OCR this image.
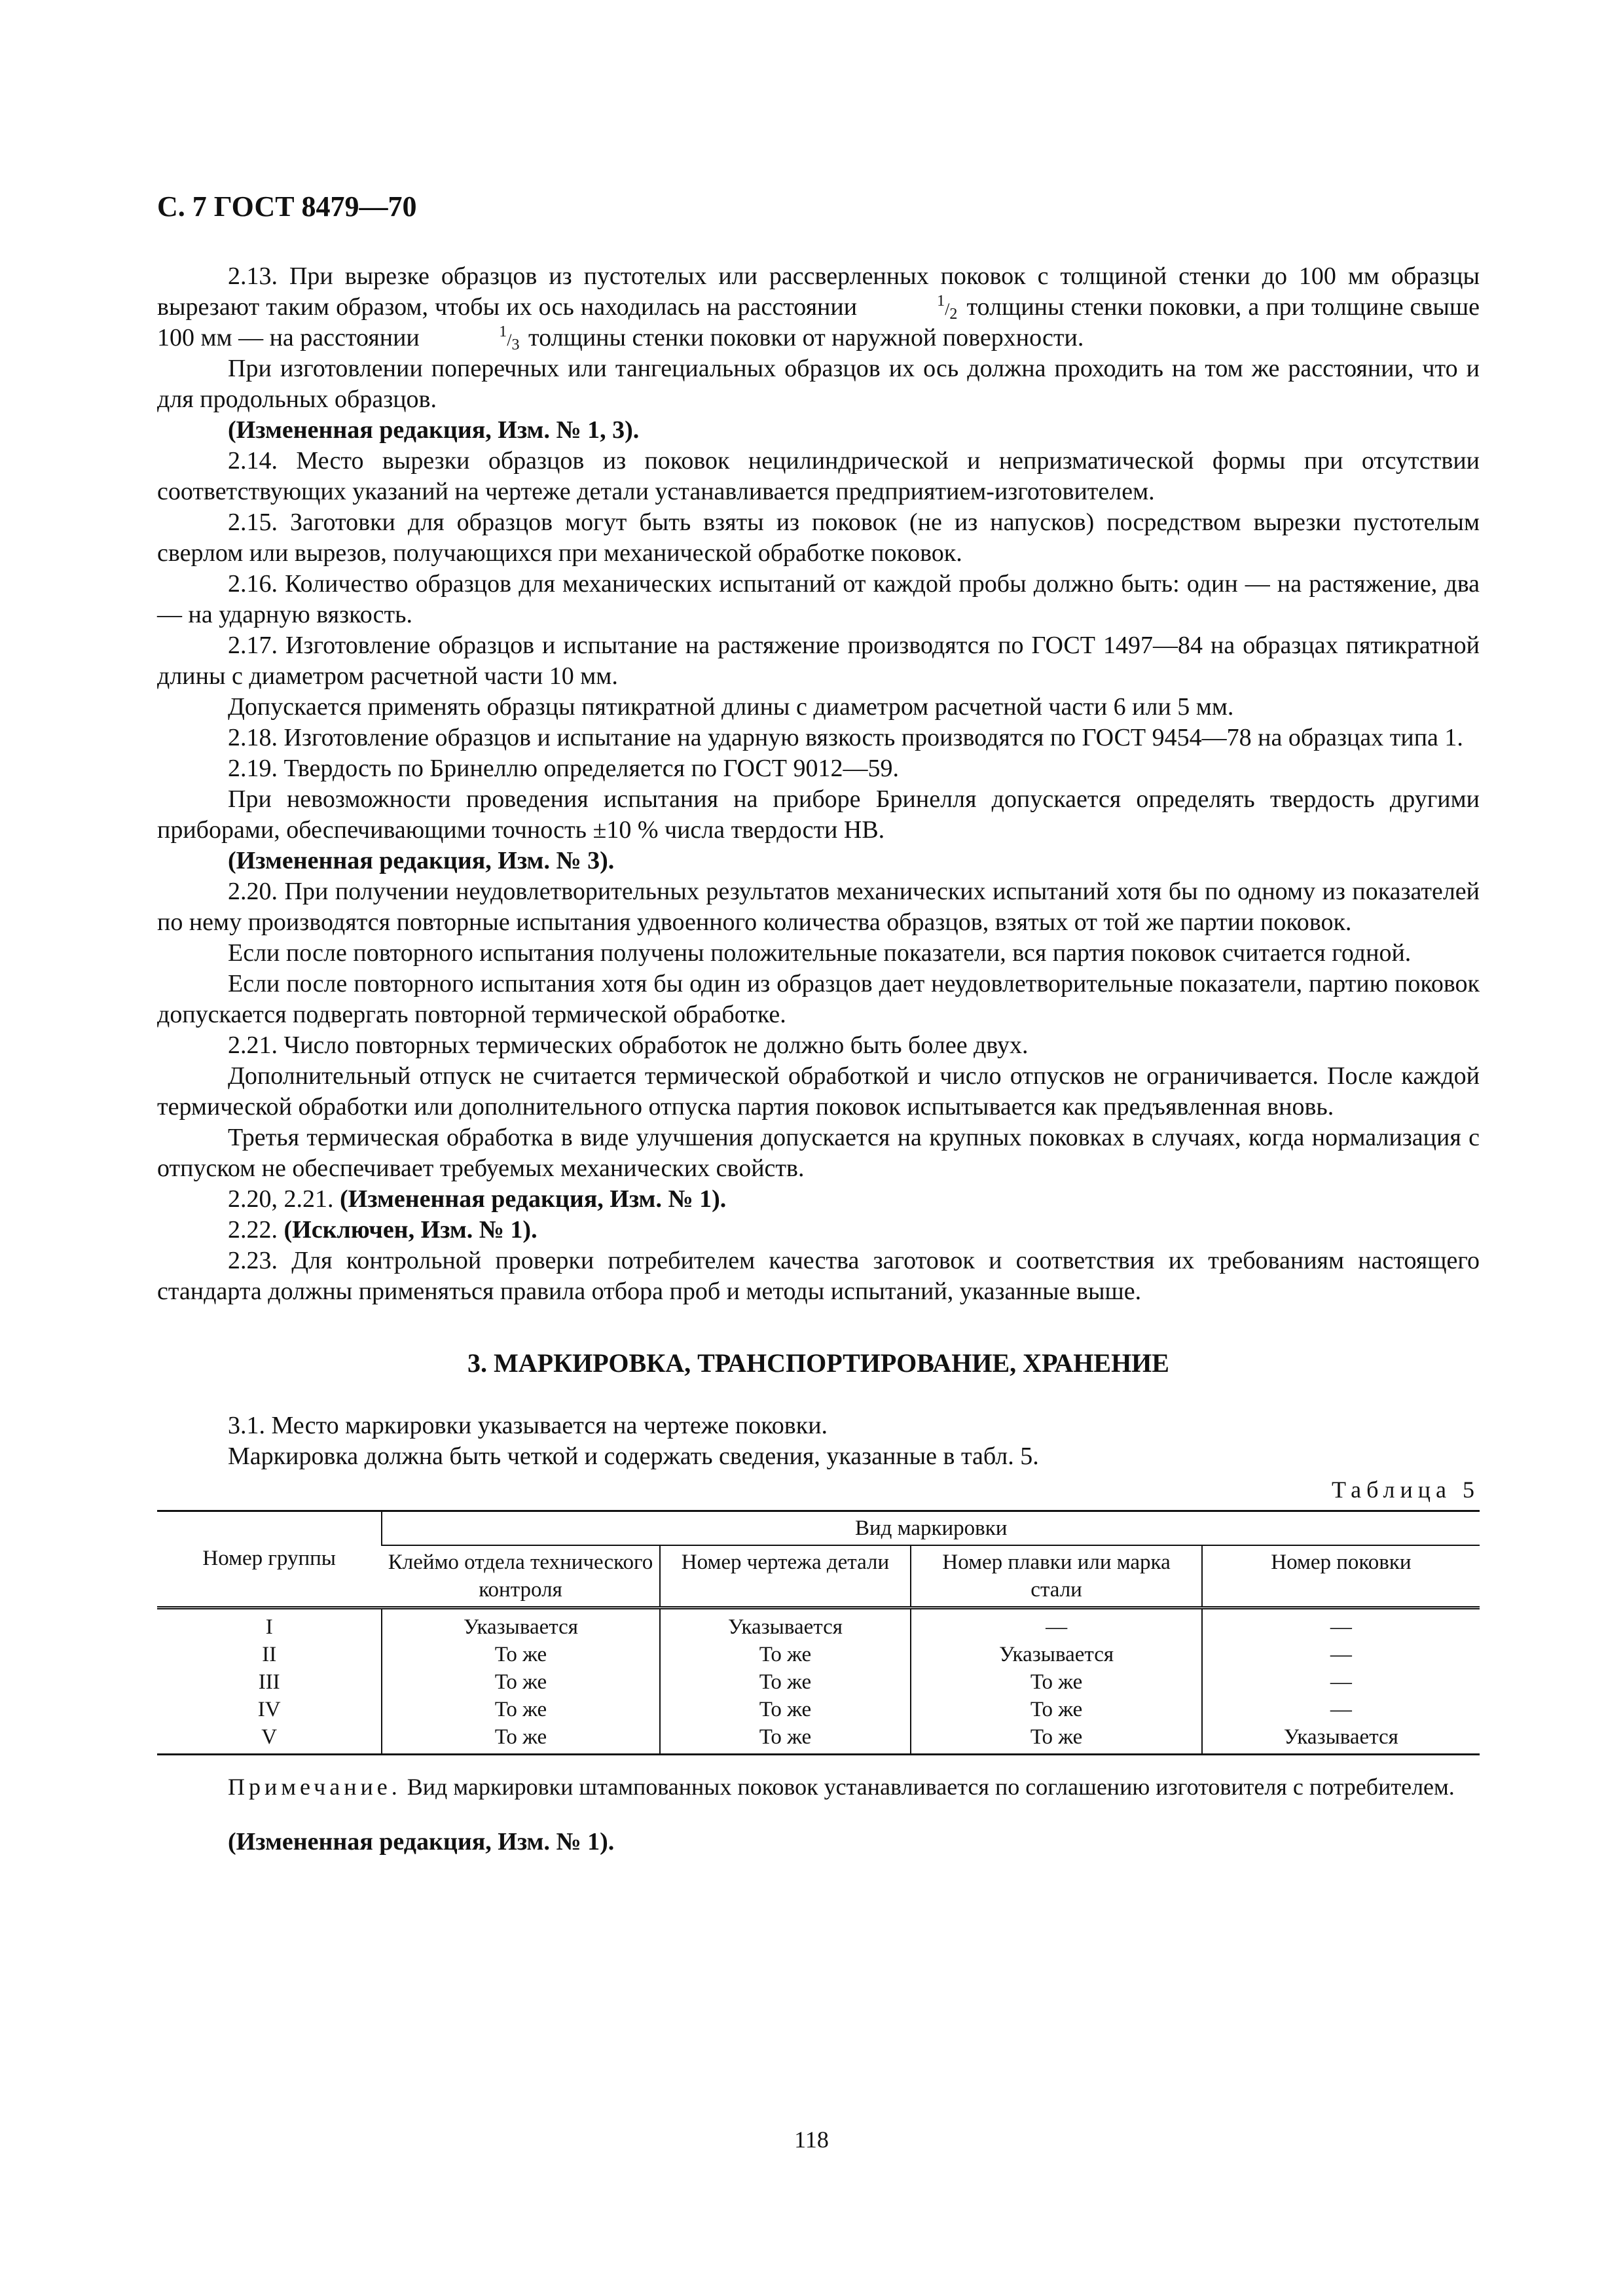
С. 7 ГОСТ 8479—70

2.13. При вырезке образцов из пустотелых или рассверленных поковок с толщиной стенки до 100 мм образцы вырезают таким образом, чтобы их ось находилась на расстоянии	$^1/_2$ толщины стенки поковки, а при толщине свыше 100 мм — на расстоянии	$^1/_3$ толщины стенки поковки от наружной поверхности.

При изготовлении поперечных или тангециальных образцов их ось должна проходить на том же расстоянии, что и для продольных образцов.

(Измененная редакция, Изм. № 1, 3).

2.14. Место вырезки образцов из поковок нецилиндрической и непризматической формы при отсутствии соответствующих указаний на чертеже детали устанавливается предприятием-изготовителем.

2.15. Заготовки для образцов могут быть взяты из поковок (не из напусков) посредством вырезки пустотелым сверлом или вырезов, получающихся при механической обработке поковок.

2.16. Количество образцов для механических испытаний от каждой пробы должно быть: один — на растяжение, два — на ударную вязкость.

2.17. Изготовление образцов и испытание на растяжение производятся по ГОСТ 1497—84 на образцах пятикратной длины с диаметром расчетной части 10 мм.

Допускается применять образцы пятикратной длины с диаметром расчетной части 6 или 5 мм.

2.18. Изготовление образцов и испытание на ударную вязкость производятся по ГОСТ 9454—78 на образцах типа 1.

2.19. Твердость по Бринеллю определяется по ГОСТ 9012—59.

При невозможности проведения испытания на приборе Бринелля допускается определять твердость другими приборами, обеспечивающими точность ±10 % числа твердости НВ.

(Измененная редакция, Изм. № 3).

2.20. При получении неудовлетворительных результатов механических испытаний хотя бы по одному из показателей по нему производятся повторные испытания удвоенного количества образцов, взятых от той же партии поковок.

Если после повторного испытания получены положительные показатели, вся партия поковок считается годной.

Если после повторного испытания хотя бы один из образцов дает неудовлетворительные показатели, партию поковок допускается подвергать повторной термической обработке.

2.21. Число повторных термических обработок не должно быть более двух.

Дополнительный отпуск не считается термической обработкой и число отпусков не ограничивается. После каждой термической обработки или дополнительного отпуска партия поковок испытывается как предъявленная вновь.

Третья термическая обработка в виде улучшения допускается на крупных поковках в случаях, когда нормализация с отпуском не обеспечивает требуемых механических свойств.

2.20, 2.21. (Измененная редакция, Изм. № 1).

2.22. (Исключен, Изм. № 1).

2.23. Для контрольной проверки потребителем качества заготовок и соответствия их требованиям настоящего стандарта должны применяться правила отбора проб и методы испытаний, указанные выше.

3. МАРКИРОВКА, ТРАНСПОРТИРОВАНИЕ, ХРАНЕНИЕ

3.1. Место маркировки указывается на чертеже поковки.

Маркировка должна быть четкой и содержать сведения, указанные в табл. 5.

Таблица 5
Номер группы	Вид маркировки			
	Клеймо отдела технического контроля	Номер чертежа детали	Номер плавки или марка стали	Номер поковки
I	Указывается	Указывается	—	—
II	То же	То же	Указывается	—
III	То же	То же	То же	—
IV	То же	То же	То же	—
V	То же	То же	То же	Указывается
Примечание. Вид маркировки штампованных поковок устанавливается по соглашению изготовителя с потребителем.
(Измененная редакция, Изм. № 1).
118
